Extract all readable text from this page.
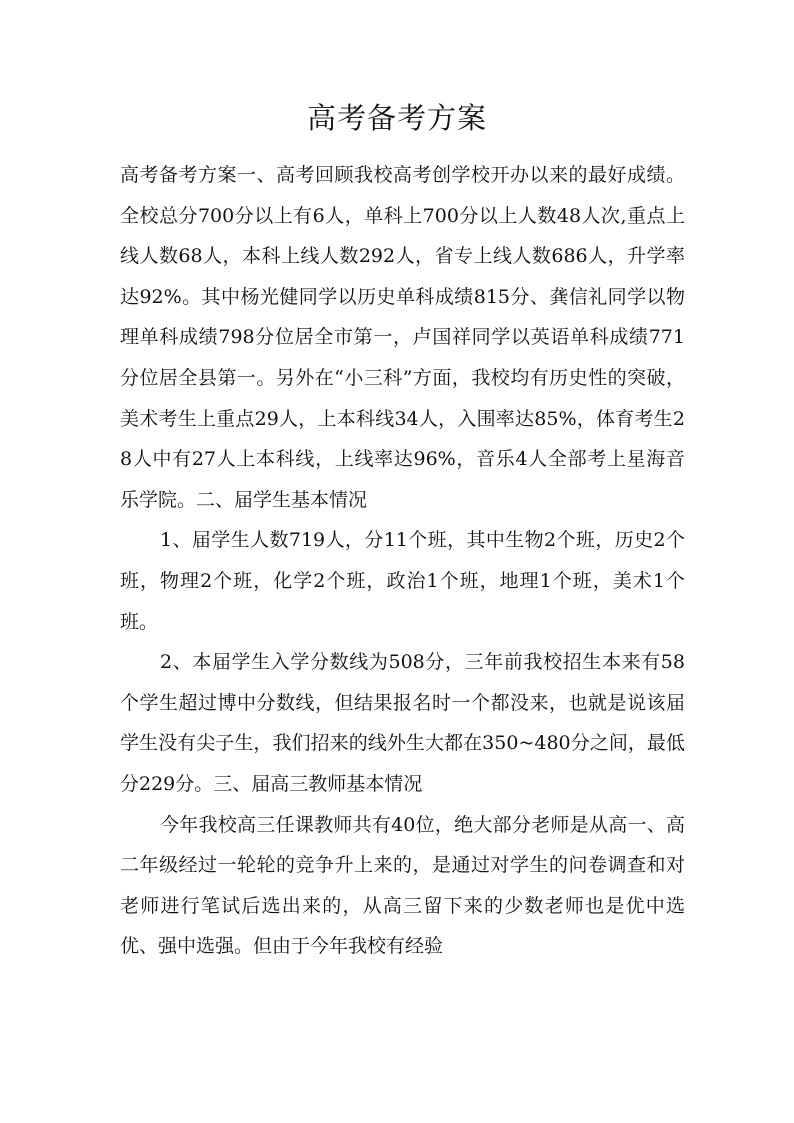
高考备考方案

高考备考方案一、高考回顾我校高考创学校开办以来的最好成绩。全校总分700分以上有6人，单科上700分以上人数48人次,重点上线人数68人，本科上线人数292人，省专上线人数686人，升学率达92%。其中杨光健同学以历史单科成绩815分、龚信礼同学以物理单科成绩798分位居全市第一，卢国祥同学以英语单科成绩771分位居全县第一。另外在“小三科”方面，我校均有历史性的突破，美术考生上重点29人，上本科线34人，入围率达85%，体育考生28人中有27人上本科线，上线率达96%，音乐4人全部考上星海音乐学院。二、届学生基本情况

1、届学生人数719人，分11个班，其中生物2个班，历史2个班，物理2个班，化学2个班，政治1个班，地理1个班，美术1个班。

2、本届学生入学分数线为508分，三年前我校招生本来有58个学生超过博中分数线，但结果报名时一个都没来，也就是说该届学生没有尖子生，我们招来的线外生大都在350~480分之间，最低分229分。三、届高三教师基本情况

今年我校高三任课教师共有40位，绝大部分老师是从高一、高二年级经过一轮轮的竞争升上来的，是通过对学生的问卷调查和对老师进行笔试后选出来的，从高三留下来的少数老师也是优中选优、强中选强。但由于今年我校有经验
